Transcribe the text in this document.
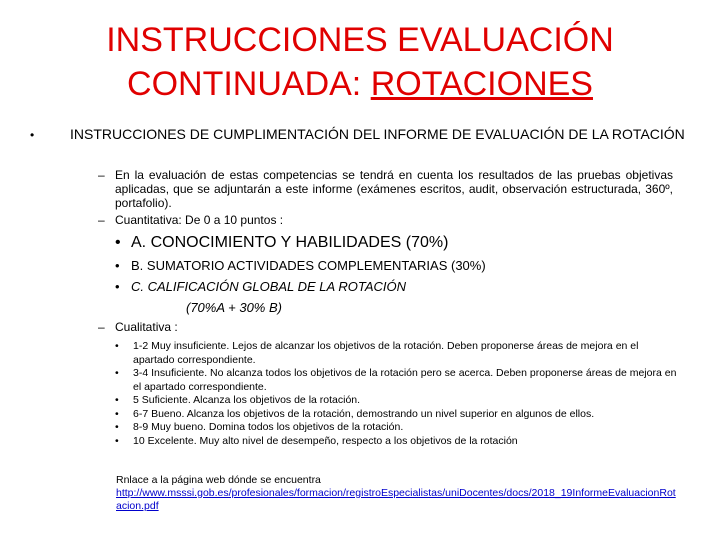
INSTRUCCIONES EVALUACIÓN
CONTINUADA: ROTACIONES
•	INSTRUCCIONES DE CUMPLIMENTACIÓN DEL INFORME DE EVALUACIÓN DE LA ROTACIÓN
– En la evaluación de estas competencias se tendrá en cuenta los resultados de las pruebas objetivas aplicadas, que se adjuntarán a este informe (exámenes escritos, audit, observación estructurada, 360º, portafolio).
– Cuantitativa: De 0 a 10 puntos :
• A. CONOCIMIENTO Y HABILIDADES (70%)
• B. SUMATORIO ACTIVIDADES COMPLEMENTARIAS (30%)
• C. CALIFICACIÓN GLOBAL DE LA ROTACIÓN
(70%A + 30% B)
– Cualitativa :
•	1-2 Muy insuficiente. Lejos de alcanzar los objetivos de la rotación. Deben proponerse áreas de mejora en el apartado correspondiente.
•	3-4 Insuficiente. No alcanza todos los objetivos de la rotación pero se acerca. Deben proponerse áreas de mejora en el apartado correspondiente.
•	5 Suficiente. Alcanza los objetivos de la rotación.
•	6-7 Bueno. Alcanza los objetivos de la rotación, demostrando un nivel superior en algunos de ellos.
•	8-9 Muy bueno. Domina todos los objetivos de la rotación.
•	10 Excelente. Muy alto nivel de desempeño, respecto a los objetivos de la rotación
Rnlace a la página web dónde se encuentra
http://www.msssi.gob.es/profesionales/formacion/registroEspecialistas/uniDocentes/docs/2018_19InformeEvaluacionRotacion.pdf
